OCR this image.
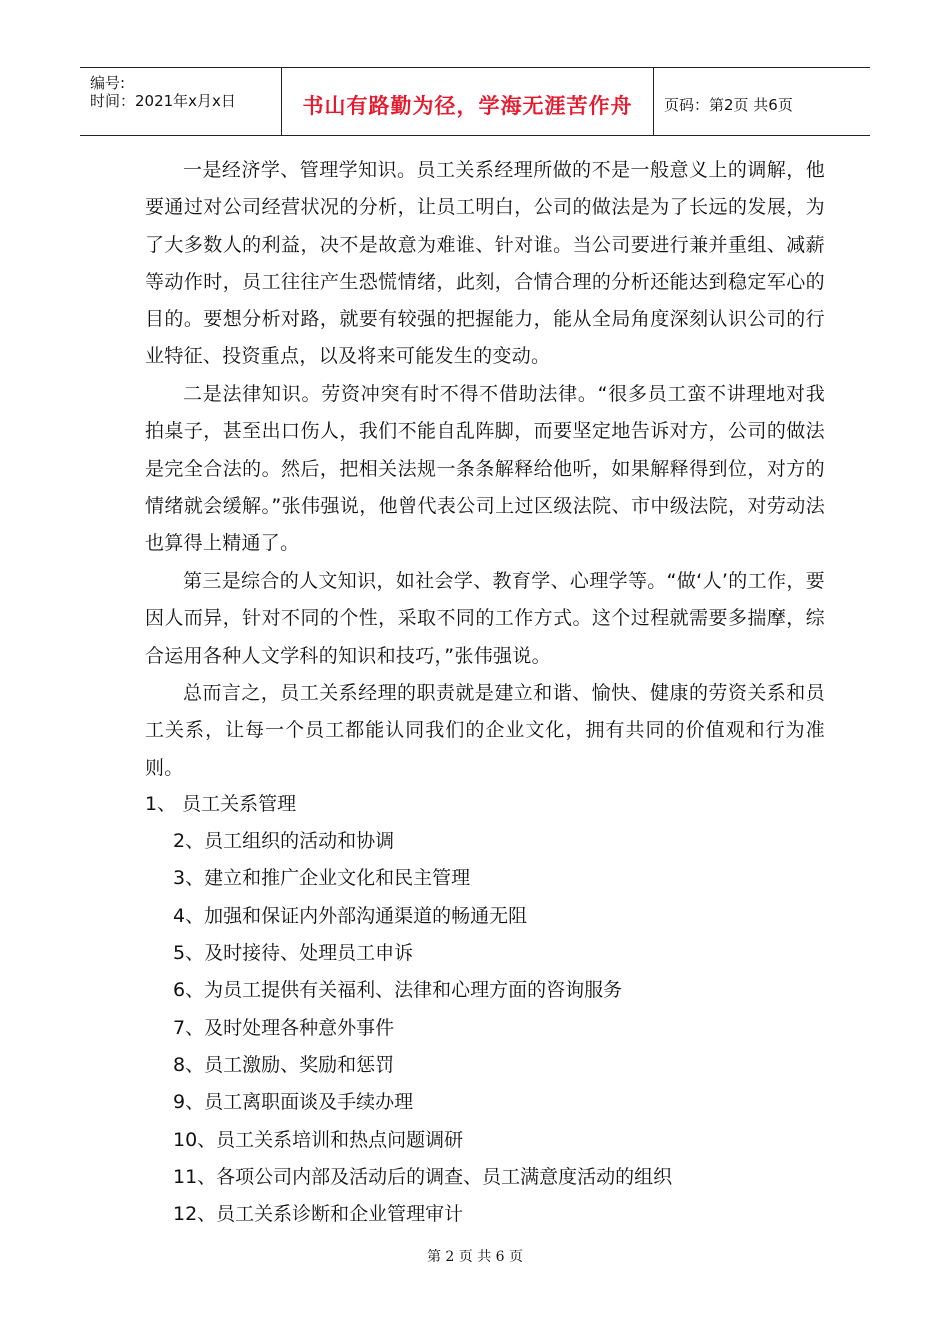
编号:
时间：2021年x月x日	书山有路勤为径，学海无涯苦作舟	页码：第2页 共6页

一是经济学、管理学知识。员工关系经理所做的不是一般意义上的调解，他要通过对公司经营状况的分析，让员工明白，公司的做法是为了长远的发展，为了大多数人的利益，决不是故意为难谁、针对谁。当公司要进行兼并重组、减薪等动作时，员工往往产生恐慌情绪，此刻，合情合理的分析还能达到稳定军心的目的。要想分析对路，就要有较强的把握能力，能从全局角度深刻认识公司的行业特征、投资重点，以及将来可能发生的变动。

二是法律知识。劳资冲突有时不得不借助法律。“很多员工蛮不讲理地对我拍桌子，甚至出口伤人，我们不能自乱阵脚，而要坚定地告诉对方，公司的做法是完全合法的。然后，把相关法规一条条解释给他听，如果解释得到位，对方的情绪就会缓解。”张伟强说，他曾代表公司上过区级法院、市中级法院，对劳动法也算得上精通了。

第三是综合的人文知识，如社会学、教育学、心理学等。“做‘人’的工作，要因人而异，针对不同的个性，采取不同的工作方式。这个过程就需要多揣摩，综合运用各种人文学科的知识和技巧，”张伟强说。

总而言之，员工关系经理的职责就是建立和谐、愉快、健康的劳资关系和员工关系，让每一个员工都能认同我们的企业文化，拥有共同的价值观和行为准则。

1、 员工关系管理
2、员工组织的活动和协调
3、建立和推广企业文化和民主管理
4、加强和保证内外部沟通渠道的畅通无阻
5、及时接待、处理员工申诉
6、为员工提供有关福利、法律和心理方面的咨询服务
7、及时处理各种意外事件
8、员工激励、奖励和惩罚
9、员工离职面谈及手续办理
10、员工关系培训和热点问题调研
11、各项公司内部及活动后的调查、员工满意度活动的组织
12、员工关系诊断和企业管理审计
第 2 页 共 6 页
